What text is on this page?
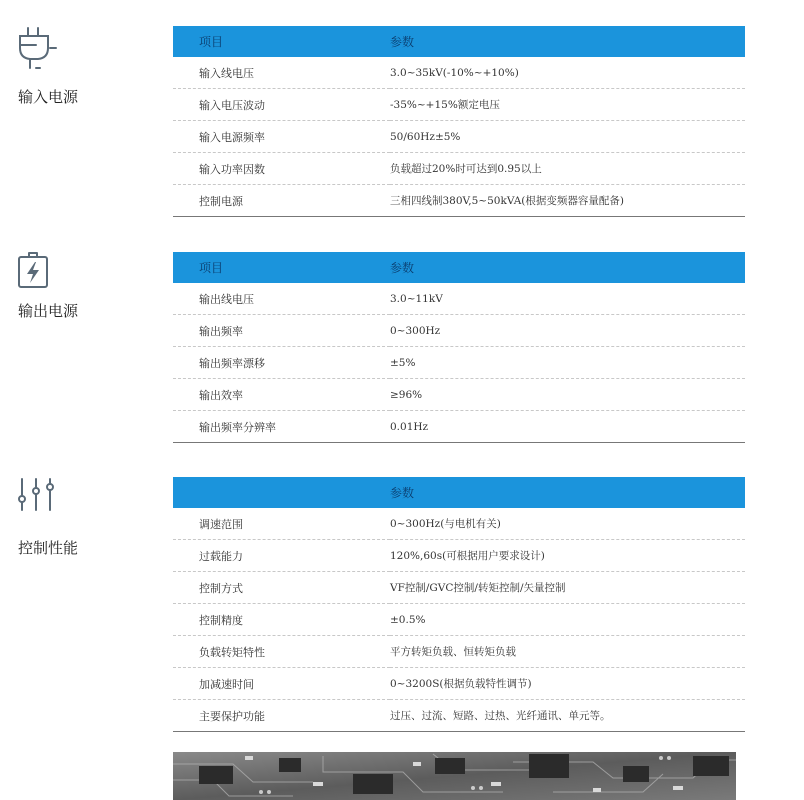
输入电源
项目	参数
输入线电压	3.0~35kV(-10%~+10%)
输入电压波动	-35%~+15%额定电压
输入电源频率	50/60Hz±5%
输入功率因数	负载超过20%时可达到0.95以上
控制电源	三相四线制380V,5~50kVA(根据变频器容量配备)
输出电源
项目	参数
输出线电压	3.0~11kV
输出频率	0~300Hz
输出频率漂移	±5%
输出效率	≥96%
输出频率分辨率	0.01Hz
控制性能
	参数
调速范围	0~300Hz(与电机有关)
过载能力	120%,60s(可根据用户要求设计)
控制方式	VF控制/GVC控制/转矩控制/矢量控制
控制精度	±0.5%
负载转矩特性	平方转矩负载、恒转矩负载
加减速时间	0~3200S(根据负载特性调节)
主要保护功能	过压、过流、短路、过热、光纤通讯、单元等。
